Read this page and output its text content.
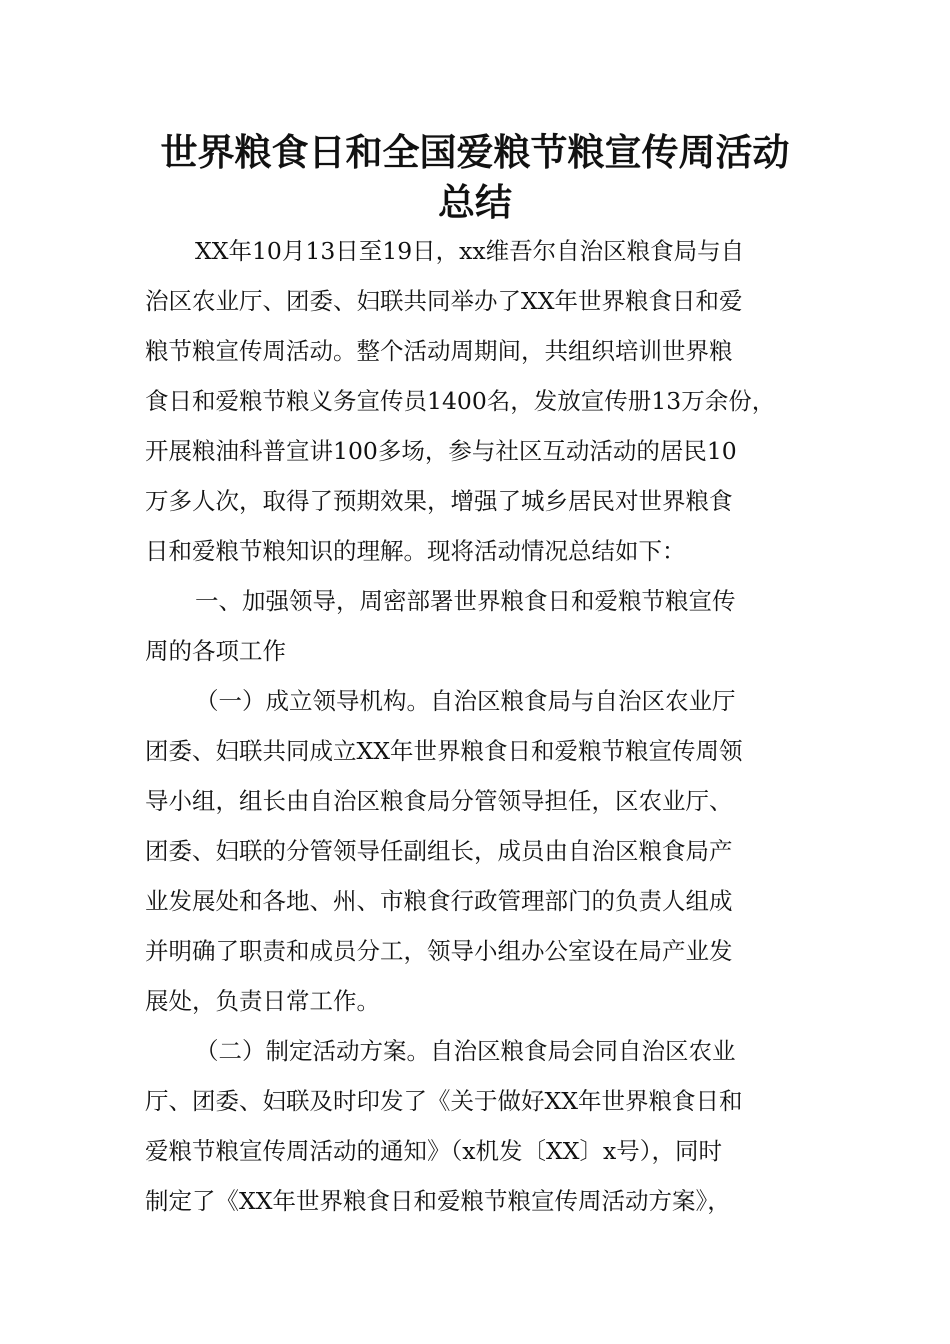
世界粮食日和全国爱粮节粮宣传周活动
总结

XX年10月13日至19日，xx维吾尔自治区粮食局与自

治区农业厅、团委、妇联共同举办了XX年世界粮食日和爱

粮节粮宣传周活动。整个活动周期间，共组织培训世界粮

食日和爱粮节粮义务宣传员1400名，发放宣传册13万余份，

开展粮油科普宣讲100多场，参与社区互动活动的居民10

万多人次，取得了预期效果，增强了城乡居民对世界粮食

日和爱粮节粮知识的理解。现将活动情况总结如下：

一、加强领导，周密部署世界粮食日和爱粮节粮宣传

周的各项工作

（一）成立领导机构。自治区粮食局与自治区农业厅

团委、妇联共同成立XX年世界粮食日和爱粮节粮宣传周领

导小组，组长由自治区粮食局分管领导担任，区农业厅、

团委、妇联的分管领导任副组长，成员由自治区粮食局产

业发展处和各地、州、市粮食行政管理部门的负责人组成

并明确了职责和成员分工，领导小组办公室设在局产业发

展处，负责日常工作。

（二）制定活动方案。自治区粮食局会同自治区农业

厅、团委、妇联及时印发了《关于做好XX年世界粮食日和

爱粮节粮宣传周活动的通知》（x机发〔XX〕x号），同时

制定了《XX年世界粮食日和爱粮节粮宣传周活动方案》，
